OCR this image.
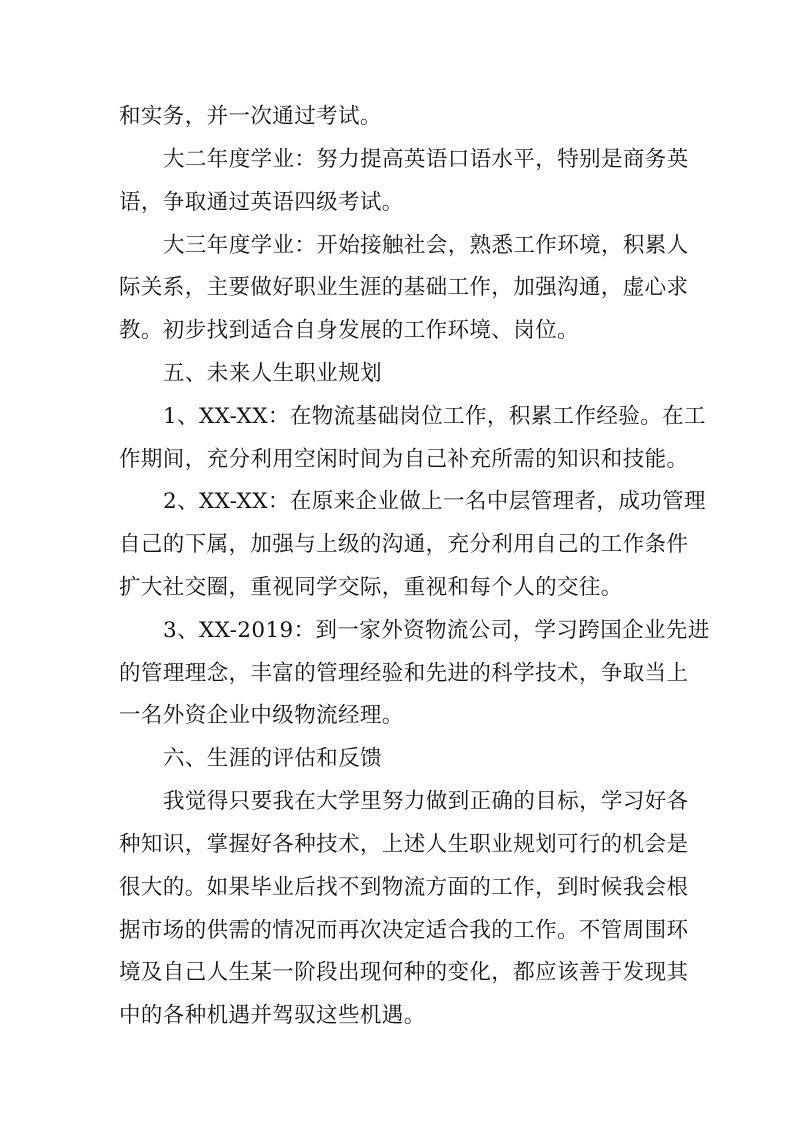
和实务，并一次通过考试。
大二年度学业：努力提高英语口语水平，特别是商务英
语，争取通过英语四级考试。
大三年度学业：开始接触社会，熟悉工作环境，积累人
际关系，主要做好职业生涯的基础工作，加强沟通，虚心求
教。初步找到适合自身发展的工作环境、岗位。
五、未来人生职业规划
1、XX-XX：在物流基础岗位工作，积累工作经验。在工
作期间，充分利用空闲时间为自己补充所需的知识和技能。
2、XX-XX：在原来企业做上一名中层管理者，成功管理
自己的下属，加强与上级的沟通，充分利用自己的工作条件
扩大社交圈，重视同学交际，重视和每个人的交往。
3、XX-2019：到一家外资物流公司，学习跨国企业先进
的管理理念，丰富的管理经验和先进的科学技术，争取当上
一名外资企业中级物流经理。
六、生涯的评估和反馈
我觉得只要我在大学里努力做到正确的目标，学习好各
种知识，掌握好各种技术，上述人生职业规划可行的机会是
很大的。如果毕业后找不到物流方面的工作，到时候我会根
据市场的供需的情况而再次决定适合我的工作。不管周围环
境及自己人生某一阶段出现何种的变化，都应该善于发现其
中的各种机遇并驾驭这些机遇。
